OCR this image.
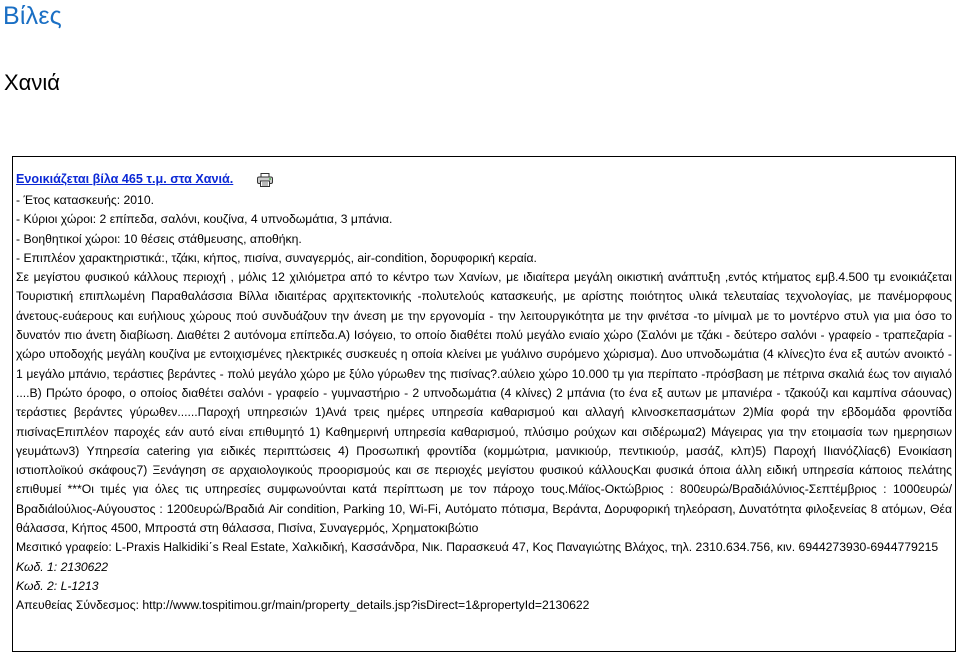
Βίλες
Χανιά
Ενοικιάζεται βίλα 465 τ.μ. στα Χανιά.
- Έτος κατασκευής: 2010.
- Κύριοι χώροι: 2 επίπεδα, σαλόνι, κουζίνα, 4 υπνοδωμάτια, 3 μπάνια.
- Βοηθητικοί χώροι: 10 θέσεις στάθμευσης, αποθήκη.
- Επιπλέον χαρακτηριστικά:, τζάκι, κήπος, πισίνα, συναγερμός, air-condition, δορυφορική κεραία.
Σε μεγίστου φυσικού κάλλους περιοχή , μόλις 12 χιλιόμετρα από το κέντρο των Χανίων, με ιδιαίτερα μεγάλη οικιστική ανάπτυξη ,εντός κτήματος εμβ.4.500 τμ ενοικιάζεται Τουριστική επιπλωμένη Παραθαλάσσια Βίλλα ιδιαιτέρας αρχιτεκτονικής -πολυτελούς κατασκευής, με αρίστης ποιότητος υλικά τελευταίας τεχνολογίας, με πανέμορφους άνετους-ευάερους και ευήλιους χώρους πού συνδυάζουν την άνεση με την εργονομία - την λειτουργικότητα με την φινέτσα -το μίνιμαλ με το μοντέρνο στυλ για μια όσο το δυνατόν πιο άνετη διαβίωση. Διαθέτει 2 αυτόνομα επίπεδα.Α) Ισόγειο, το οποίο διαθέτει πολύ μεγάλο ενιαίο χώρο (Σαλόνι με τζάκι - δεύτερο σαλόνι - γραφείο - τραπεζαρία - χώρο υποδοχής μεγάλη κουζίνα με εντοιχισμένες ηλεκτρικές συσκευές η οποία κλείνει με γυάλινο συρόμενο χώρισμα). Δυο υπνοδωμάτια (4 κλίνες)το ένα εξ αυτών ανοικτό - 1 μεγάλο μπάνιο, τεράστιες βεράντες - πολύ μεγάλο χώρο με ξύλο γύρωθεν της πισίνας?.αύλειο χώρο 10.000 τμ για περίπατο -πρόσβαση με πέτρινα σκαλιά έως τον αιγιαλό ....Β) Πρώτο όροφο, ο οποίος διαθέτει σαλόνι - γραφείο - γυμναστήριο - 2 υπνοδωμάτια (4 κλίνες) 2 μπάνια (το ένα εξ αυτων με μπανιέρα - τζακούζι και καμπίνα σάουνας) τεράστιες βεράντες γύρωθεν......Παροχή υπηρεσιών 1)Ανά τρεις ημέρες υπηρεσία καθαρισμού και αλλαγή κλινοσκεπασμάτων 2)Μία φορά την εβδομάδα φροντίδα πισίναςΕπιπλέον παροχές εάν αυτό είναι επιθυμητό 1) Καθημερινή υπηρεσία καθαρισμού, πλύσιμο ρούχων και σιδέρωμα2) Μάγειρας για την ετοιμασία των ημερησιων γευμάτων3) Υπηρεσία catering για ειδικές περιπτώσεις 4) Προσωπική φροντίδα (κομμώτρια, μανικιούρ, πεντικιούρ, μασάζ, κλπ)5) Παροχή ΙΙιανόζλίας6) Ενοικίαση ιστιοπλοϊκού σκάφους7) Ξενάγηση σε αρχαιολογικούς προορισμούς και σε περιοχές μεγίστου φυσικού κάλλουςΚαι φυσικά όποια άλλη ειδική υπηρεσία κάποιος πελάτης επιθυμεί ***Οι τιμές για όλες τις υπηρεσίες συμφωνούνται κατά περίπτωση με τον πάροχο τους.Μάϊος-Οκτώβριος : 800ευρώ/Βραδιάλύνιος-Σεπτέμβριος : 1000ευρώ/Βραδιάlούλιος-Αύγουστος : 1200ευρώ/Βραδιά Air condition, Parking 10, Wi-Fi, Αυτόματο πότισμα, Βεράντα, Δορυφορική τηλεόραση, Δυνατότητα φιλοξενείας 8 ατόμων, Θέα θάλασσα, Κήπος 4500, Μπροστά στη θάλασσα, Πισίνα, Συναγερμός, Χρηματοκιβώτιο
Μεσιτικό γραφείο: L-Praxis Halkidiki΄s Real Estate, Χαλκιδική, Κασσάνδρα, Νικ. Παρασκευά 47, Κος Παναγιώτης Βλάχος, τηλ. 2310.634.756, κιν. 6944273930-6944779215
Κωδ. 1: 2130622
Κωδ. 2: L-1213
Απευθείας Σύνδεσμος: http://www.tospitimou.gr/main/property_details.jsp?isDirect=1&propertyId=2130622
